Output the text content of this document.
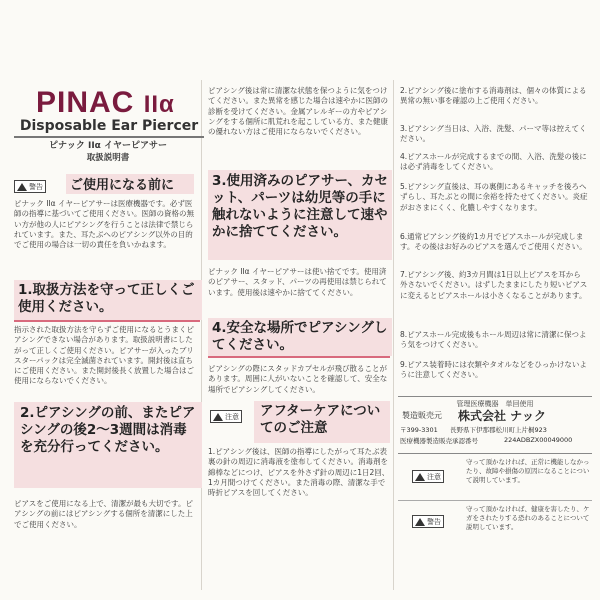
PINAC IIα
Disposable Ear Piercer
ピナック IIα イヤーピアサー
取扱説明書
警告	ご使用になる前に
ピナック IIα イヤーピアサーは医療機器です。必ず医師の指導に基づいてご使用ください。医師の資格の無い方が他の人にピアシングを行うことは法律で禁じられています。また、耳たぶへのピアシング以外の目的でご使用の場合は一切の責任を負いかねます。
1.取扱方法を守って正しくご使用ください。
指示された取扱方法を守らずご使用になるとうまくピアシングできない場合があります。取扱説明書にしたがって正しくご使用ください。ピアサーが入ったブリスターパックは完全滅菌されています。開封後は直ちにご使用ください。また開封後長く放置した場合はご使用にならないでください。
2.ピアシングの前、またピアシングの後2〜3週間は消毒を充分行ってください。
ピアスをご使用になる上で、清潔が最も大切です。ピアシングの前にはピアシングする個所を清潔にした上でご使用ください。
ピアシング後は常に清潔な状態を保つように気をつけてください。また異常を感じた場合は速やかに医師の診断を受けてください。金属アレルギーの方やピアシングをする個所に肌荒れを起こしている方、また健康の優れない方はご使用にならないでください。
3.使用済みのピアサー、カセット、パーツは幼児等の手に触れないように注意して速やかに捨ててください。
ピナック IIα イヤーピアサーは使い捨てです。使用済のピアサー、スタッド、パーツの再使用は禁じられています。使用後は速やかに捨ててください。
4.安全な場所でピアシングしてください。
ピアシングの際にスタッドカプセルが飛び散ることがあります。周囲に人がいないことを確認して、安全な場所でピアシングしてください。
注意	アフターケアについてのご注意
1.ピアシング後は、医師の指導にしたがって耳たぶ表裏の針の周辺に消毒液を塗布してください。消毒剤を綿棒などにつけ、ピアスを外さず針の周辺に1日2回、1カ月間つけてください。また消毒の際、清潔な手で時折ピアスを回してください。
2.ピアシング後に塗布する消毒剤は、個々の体質による異常の無い事を確認の上ご使用ください。
3.ピアシング当日は、入浴、洗髪、パーマ等は控えてください。
4.ピアスホールが完成するまでの間、入浴、洗髪の後には必ず消毒をしてください。
5.ピアシング直後は、耳の裏側にあるキャッチを後ろへずらし、耳たぶとの間に余裕を持たせてください。炎症がおさまにくく、化膿しやすくなります。
6.通常ピアシング後約1カ月でピアスホールが完成します。その後はお好みのピアスを選んでご使用ください。
7.ピアシング後、約3カ月間は1日以上ピアスを耳から外さないでください。はずしたままにしたり短いピアスに変えるとピアスホールは小さくなることがあります。
8.ピアスホール完成後もホール周辺は常に清潔に保つよう気をつけてください。
9.ピアス装着時には衣類やタオルなどをひっかけないように注意してください。
管理医療機器　単回使用
製造販売元 株式会社 ナック
〒399-3301 長野県下伊那郡松川町上片桐923
医療機器製造販売承認番号	224ADBZX00049000
注意
守って頂かなければ、正常に機能しなかったり、故障や損傷の原因になることについて説明しています。
警告
守って頂かなければ、健康を害したり、ケガをされたりする恐れのあることについて説明しています。
